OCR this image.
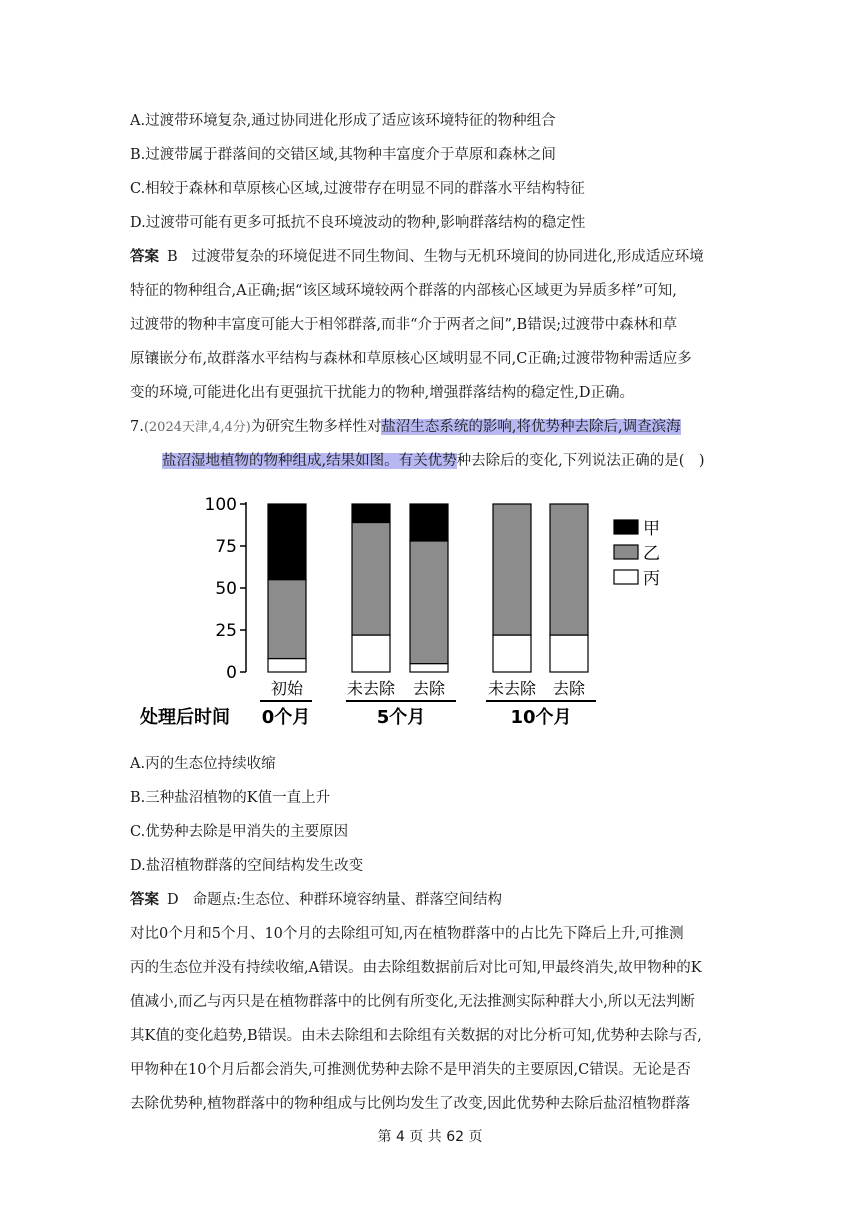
A.过渡带环境复杂,通过协同进化形成了适应该环境特征的物种组合
B.过渡带属于群落间的交错区域,其物种丰富度介于草原和森林之间
C.相较于森林和草原核心区域,过渡带存在明显不同的群落水平结构特征
D.过渡带可能有更多可抵抗不良环境波动的物种,影响群落结构的稳定性
答案 B 过渡带复杂的环境促进不同生物间、生物与无机环境间的协同进化,形成适应环境
特征的物种组合,A正确;据“该区域环境较两个群落的内部核心区域更为异质多样”可知,
过渡带的物种丰富度可能大于相邻群落,而非“介于两者之间”,B错误;过渡带中森林和草
原镶嵌分布,故群落水平结构与森林和草原核心区域明显不同,C正确;过渡带物种需适应多
变的环境,可能进化出有更强抗干扰能力的物种,增强群落结构的稳定性,D正确。
7.(2024天津,4,4分)为研究生物多样性对盐沼生态系统的影响,将优势种去除后,调查滨海
盐沼湿地植物的物种组成,结果如图。有关优势种去除后的变化,下列说法正确的是(　)
0
25
50
75
100
初始	未去除 去除	未去除 去除
0个月	5个月	10个月
处理后时间
甲
乙
丙
A.丙的生态位持续收缩
B.三种盐沼植物的K值一直上升
C.优势种去除是甲消失的主要原因
D.盐沼植物群落的空间结构发生改变
答案 D 命题点:生态位、种群环境容纳量、群落空间结构
对比0个月和5个月、10个月的去除组可知,丙在植物群落中的占比先下降后上升,可推测
丙的生态位并没有持续收缩,A错误。由去除组数据前后对比可知,甲最终消失,故甲物种的K
值减小,而乙与丙只是在植物群落中的比例有所变化,无法推测实际种群大小,所以无法判断
其K值的变化趋势,B错误。由未去除组和去除组有关数据的对比分析可知,优势种去除与否,
甲物种在10个月后都会消失,可推测优势种去除不是甲消失的主要原因,C错误。无论是否
去除优势种,植物群落中的物种组成与比例均发生了改变,因此优势种去除后盐沼植物群落
第 4 页 共 62 页
